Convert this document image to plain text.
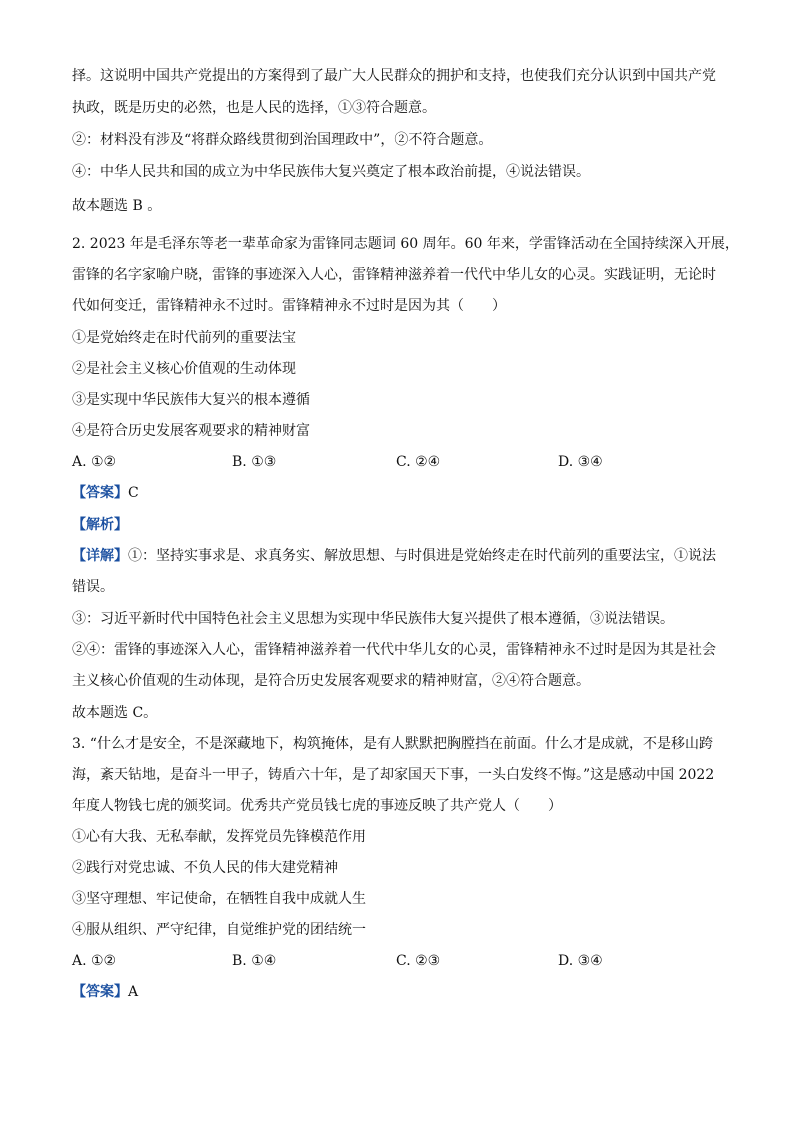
择。这说明中国共产党提出的方案得到了最广大人民群众的拥护和支持，也使我们充分认识到中国共产党
执政，既是历史的必然，也是人民的选择，①③符合题意。
②：材料没有涉及“将群众路线贯彻到治国理政中”，②不符合题意。
④：中华人民共和国的成立为中华民族伟大复兴奠定了根本政治前提，④说法错误。
故本题选 B 。
2. 2023 年是毛泽东等老一辈革命家为雷锋同志题词 60 周年。60 年来，学雷锋活动在全国持续深入开展，
雷锋的名字家喻户晓，雷锋的事迹深入人心，雷锋精神滋养着一代代中华儿女的心灵。实践证明，无论时
代如何变迁，雷锋精神永不过时。雷锋精神永不过时是因为其（　　）
①是党始终走在时代前列的重要法宝
②是社会主义核心价值观的生动体现
③是实现中华民族伟大复兴的根本遵循
④是符合历史发展客观要求的精神财富
A. ①②	B. ①③	C. ②④	D. ③④
【答案】C
【解析】
【详解】①：坚持实事求是、求真务实、解放思想、与时俱进是党始终走在时代前列的重要法宝，①说法
错误。
③：习近平新时代中国特色社会主义思想为实现中华民族伟大复兴提供了根本遵循，③说法错误。
②④：雷锋的事迹深入人心，雷锋精神滋养着一代代中华儿女的心灵，雷锋精神永不过时是因为其是社会
主义核心价值观的生动体现，是符合历史发展客观要求的精神财富，②④符合题意。
故本题选 C。
3. “什么才是安全，不是深藏地下，构筑掩体，是有人默默把胸膛挡在前面。什么才是成就，不是移山跨
海，紊天钻地，是奋斗一甲子，铸盾六十年，是了却家国天下事，一头白发终不悔。”这是感动中国 2022
年度人物钱七虎的颁奖词。优秀共产党员钱七虎的事迹反映了共产党人（　　）
①心有大我、无私奉献，发挥党员先锋模范作用
②践行对党忠诚、不负人民的伟大建党精神
③坚守理想、牢记使命，在牺牲自我中成就人生
④服从组织、严守纪律，自觉维护党的团结统一
A. ①②	B. ①④	C. ②③	D. ③④
【答案】A
